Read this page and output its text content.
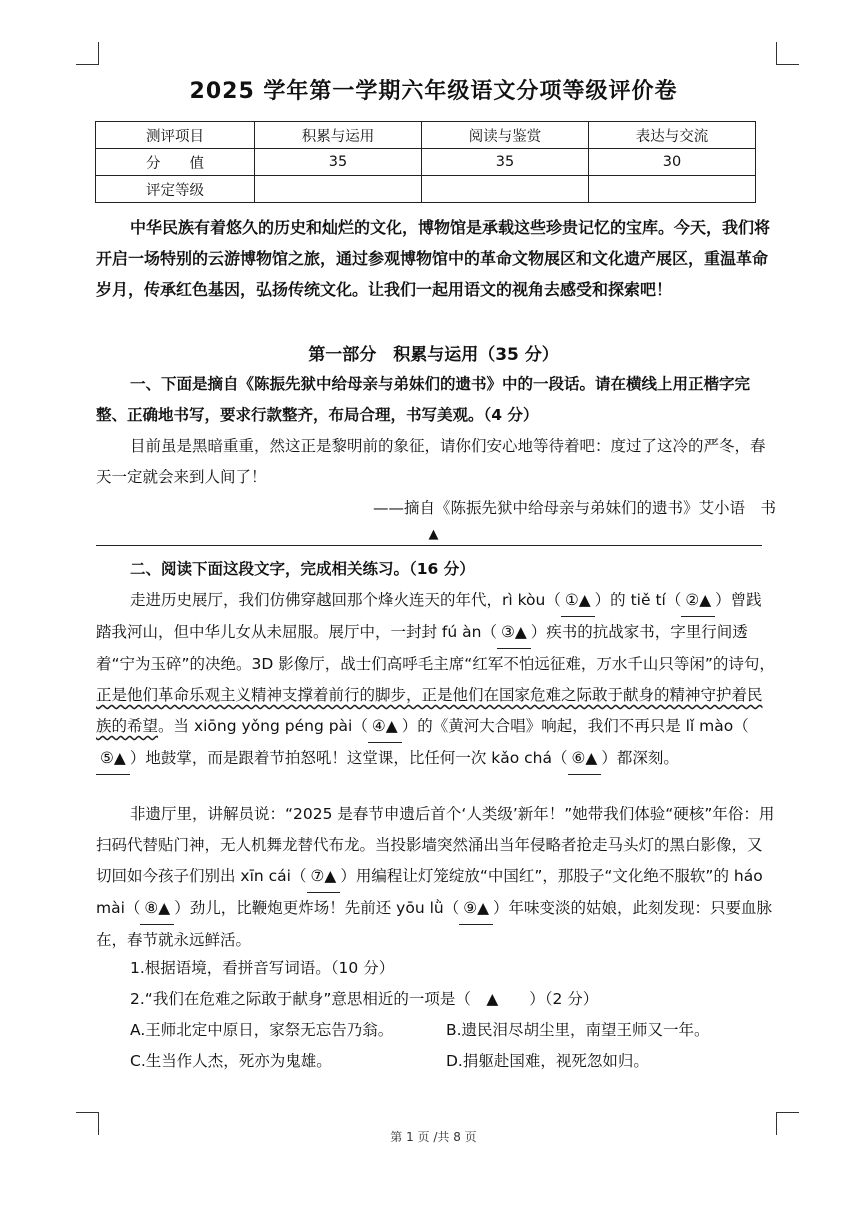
2025 学年第一学期六年级语文分项等级评价卷
测评项目	积累与运用	阅读与鉴赏	表达与交流
分　　值	35	35	30
评定等级			
中华民族有着悠久的历史和灿烂的文化，博物馆是承载这些珍贵记忆的宝库。今天，我们将开启一场特别的云游博物馆之旅，通过参观博物馆中的革命文物展区和文化遗产展区，重温革命岁月，传承红色基因，弘扬传统文化。让我们一起用语文的视角去感受和探索吧！
第一部分　积累与运用（35 分）
一、下面是摘自《陈振先狱中给母亲与弟妹们的遗书》中的一段话。请在横线上用正楷字完整、正确地书写，要求行款整齐，布局合理，书写美观。（4 分）
目前虽是黑暗重重，然这正是黎明前的象征，请你们安心地等待着吧：度过了这冷的严冬，春天一定就会来到人间了！
——摘自《陈振先狱中给母亲与弟妹们的遗书》艾小语　书
▲
二、阅读下面这段文字，完成相关练习。（16 分）
走进历史展厅，我们仿佛穿越回那个烽火连天的年代，rì kòu（ ①▲ ）的 tiě tí（ ②▲ ）曾践踏我河山，但中华儿女从未屈服。展厅中，一封封 fú àn（ ③▲ ）疾书的抗战家书，字里行间透着“宁为玉碎”的决绝。3D 影像厅，战士们高呼毛主席“红军不怕远征难，万水千山只等闲”的诗句，正是他们革命乐观主义精神支撑着前行的脚步，正是他们在国家危难之际敢于献身的精神守护着民族的希望。当 xiōng yǒng péng pài（ ④▲ ）的《黄河大合唱》响起，我们不再只是 lǐ mào（⑤▲ ）地鼓掌，而是跟着节拍怒吼！这堂课，比任何一次 kǎo chá（ ⑥▲ ）都深刻。
非遗厅里，讲解员说：“2025 是春节申遗后首个‘人类级’新年！”她带我们体验“硬核”年俗：用扫码代替贴门神，无人机舞龙替代布龙。当投影墙突然涌出当年侵略者抢走马头灯的黑白影像，又切回如今孩子们别出 xīn cái（ ⑦▲ ）用编程让灯笼绽放“中国红”，那股子“文化绝不服软”的 háo mài（ ⑧▲ ）劲儿，比鞭炮更炸场！先前还 yōu lǜ（ ⑨▲ ）年味变淡的姑娘，此刻发现：只要血脉在，春节就永远鲜活。
1.根据语境，看拼音写词语。（10 分）
2.“我们在危难之际敢于献身”意思相近的一项是（　▲　　）（2 分）
A.王师北定中原日，家祭无忘告乃翁。	B.遗民泪尽胡尘里，南望王师又一年。
C.生当作人杰，死亦为鬼雄。	D.捐躯赴国难，视死忽如归。
第 1 页 /共 8 页
